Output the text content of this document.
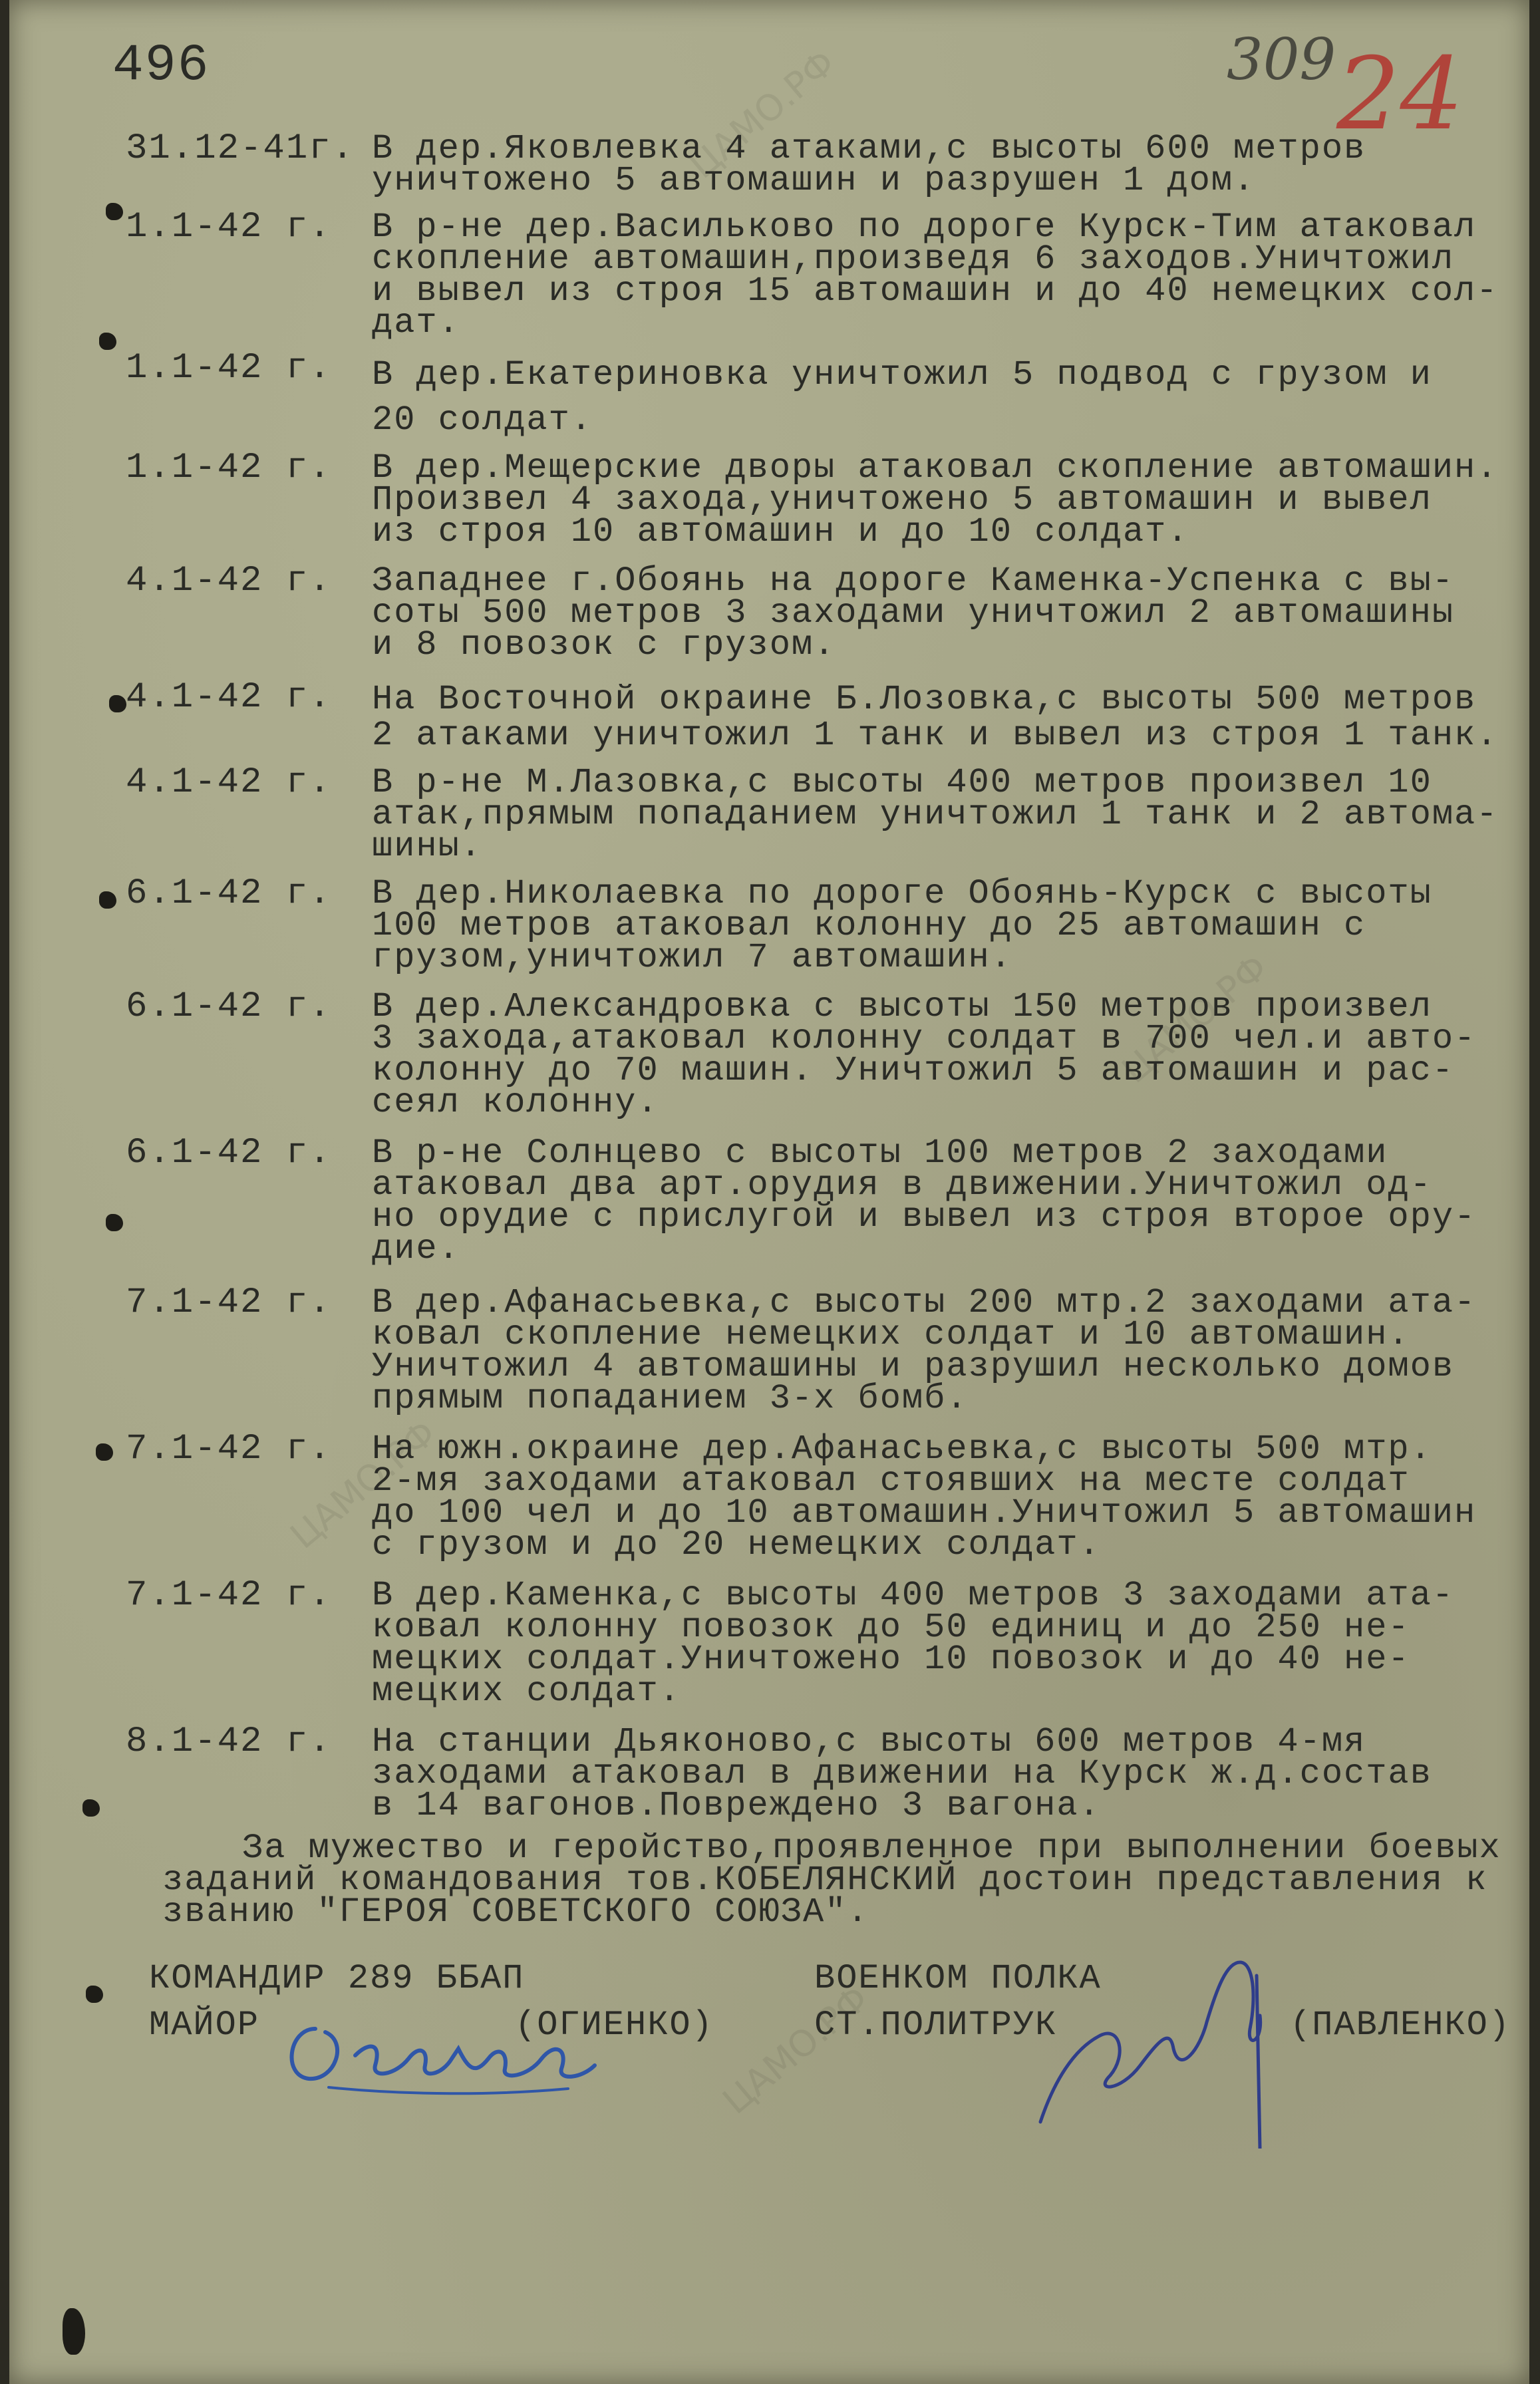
ЦАМО.РФ
ЦАМО.РФ
ЦАМО.РФ
ЦАМО.РФ
496	309 24
31.12-41г. В дер.Яковлевка 4 атаками,с высоты 600 метров
уничтожено 5 автомашин и разрушен 1 дом.
1.1-42 г.	В р-не дер.Васильково по дороге Курск-Тим атаковал
скопление автомашин,произведя 6 заходов.Уничтожил
и вывел из строя 15 автомашин и до 40 немецких сол-
дат.
1.1-42 г.	В дер.Екатериновка уничтожил 5 подвод с грузом и
20 солдат.
1.1-42 г.	В дер.Мещерские дворы атаковал скопление автомашин.
Произвел 4 захода,уничтожено 5 автомашин и вывел
из строя 10 автомашин и до 10 солдат.
4.1-42 г.	Западнее г.Обоянь на дороге Каменка-Успенка с вы-
соты 500 метров 3 заходами уничтожил 2 автомашины
и 8 повозок с грузом.
4.1-42 г.	На Восточной окраине Б.Лозовка,с высоты 500 метров
2 атаками уничтожил 1 танк и вывел из строя 1 танк.
4.1-42 г.	В р-не М.Лазовка,с высоты 400 метров произвел 10
атак,прямым попаданием уничтожил 1 танк и 2 автома-
шины.
6.1-42 г.	В дер.Николаевка по дороге Обоянь-Курск с высоты
100 метров атаковал колонну до 25 автомашин с
грузом,уничтожил 7 автомашин.
6.1-42 г.	В дер.Александровка с высоты 150 метров произвел
3 захода,атаковал колонну солдат в 700 чел.и авто-
колонну до 70 машин. Уничтожил 5 автомашин и рас-
сеял колонну.
6.1-42 г.	В р-не Солнцево с высоты 100 метров 2 заходами
атаковал два арт.орудия в движении.Уничтожил од-
но орудие с прислугой и вывел из строя второе ору-
дие.
7.1-42 г.	В дер.Афанасьевка,с высоты 200 мтр.2 заходами ата-
ковал скопление немецких солдат и 10 автомашин.
Уничтожил 4 автомашины и разрушил несколько домов
прямым попаданием 3-х бомб.
7.1-42 г.	На южн.окраине дер.Афанасьевка,с высоты 500 мтр.
2-мя заходами атаковал стоявших на месте солдат
до 100 чел и до 10 автомашин.Уничтожил 5 автомашин
с грузом и до 20 немецких солдат.
7.1-42 г.	В дер.Каменка,с высоты 400 метров 3 заходами ата-
ковал колонну повозок до 50 единиц и до 250 не-
мецких солдат.Уничтожено 10 повозок и до 40 не-
мецких солдат.
8.1-42 г.	На станции Дьяконово,с высоты 600 метров 4-мя
заходами атаковал в движении на Курск ж.д.состав
в 14 вагонов.Повреждено 3 вагона.
За мужество и геройство,проявленное при выполнении боевых заданий командования тов.КОБЕЛЯНСКИЙ достоин представления к званию "ГЕРОЯ СОВЕТСКОГО СОЮЗА".
КОМАНДИР 289 ББАП
МАЙОР	(ОГИЕНКО)
ВОЕНКОМ ПОЛКА
СТ.ПОЛИТРУК	(ПАВЛЕНКО)
